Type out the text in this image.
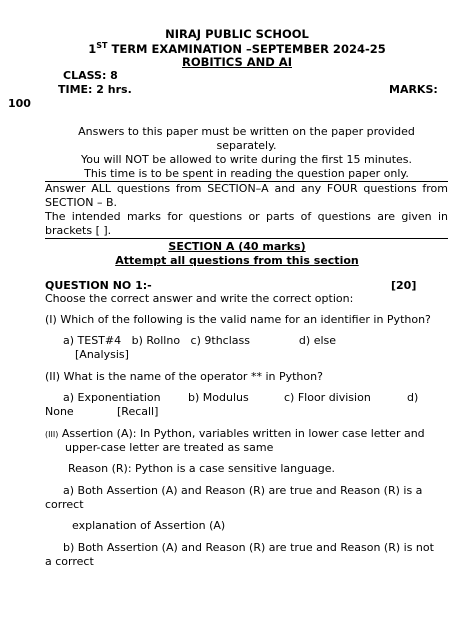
NIRAJ PUBLIC SCHOOL
1ST TERM EXAMINATION –SEPTEMBER 2024-25
ROBITICS AND AI
CLASS: 8
TIME: 2 hrs.	MARKS:
100
Answers to this paper must be written on the paper provided
separately.
You will NOT be allowed to write during the first 15 minutes.
This time is to be spent in reading the question paper only.
Answer ALL questions from SECTION–A and any FOUR questions from
SECTION – B.
The intended marks for questions or parts of questions are given in
brackets [ ].
SECTION A (40 marks)
Attempt all questions from this section
QUESTION NO 1:-	[20]
Choose the correct answer and write the correct option:
(I) Which of the following is the valid name for an identifier in Python?
a) TEST#4   b) Rollno   c) 9thclass              d) else
[Analysis]
(II) What is the name of the operator ** in Python?
a) Exponentiation b) Modulus	c) Floor division	d)
None	[Recall]
(III) Assertion (A): In Python, variables written in lower case letter and
upper-case letter are treated as same
Reason (R): Python is a case sensitive language.
a) Both Assertion (A) and Reason (R) are true and Reason (R) is a
correct
explanation of Assertion (A)
b) Both Assertion (A) and Reason (R) are true and Reason (R) is not
a correct
